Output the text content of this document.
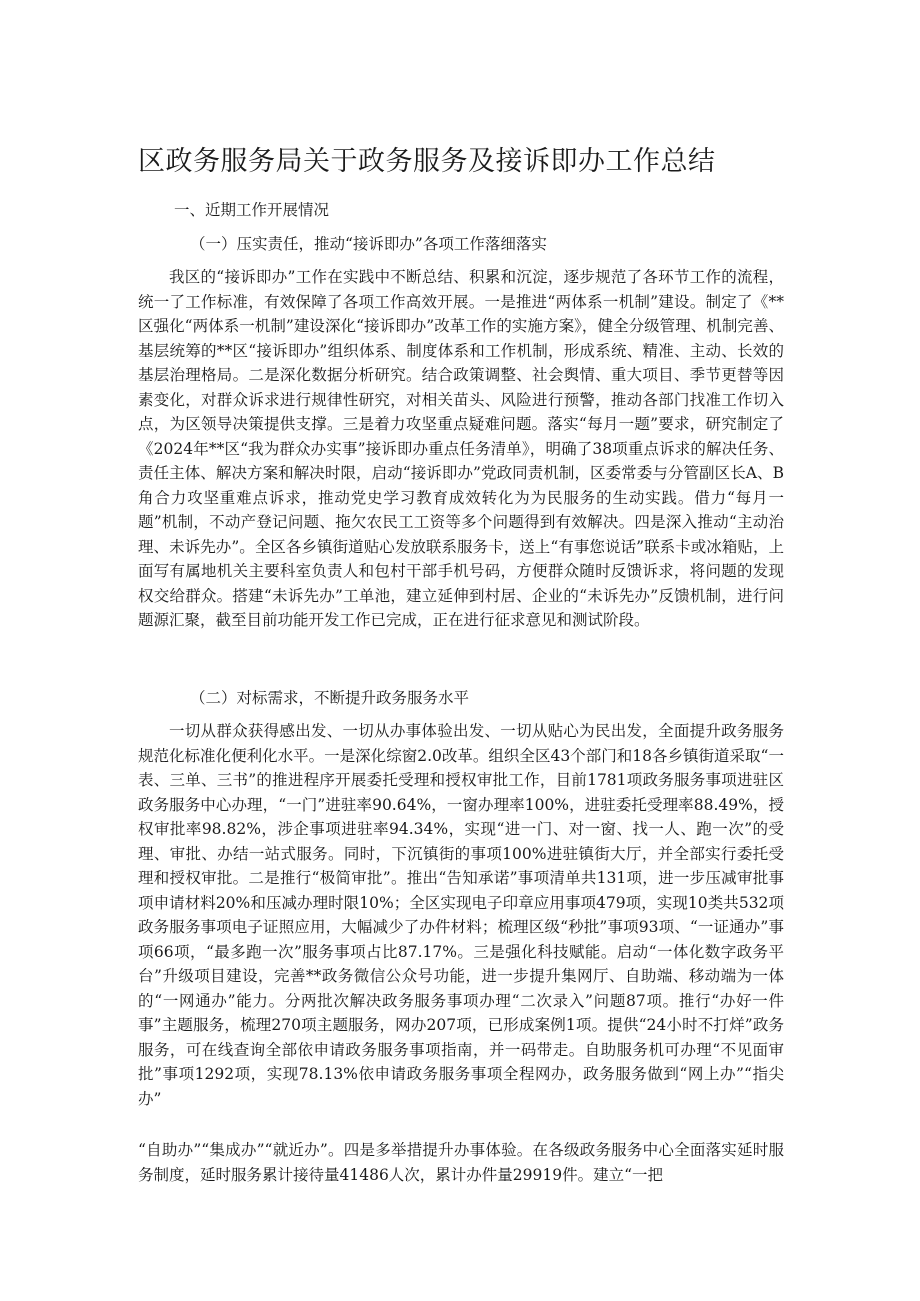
区政务服务局关于政务服务及接诉即办工作总结
一、近期工作开展情况
（一）压实责任，推动“接诉即办”各项工作落细落实

我区的“接诉即办”工作在实践中不断总结、积累和沉淀，逐步规范了各环节工作的流程，统一了工作标准，有效保障了各项工作高效开展。一是推进“两体系一机制”建设。制定了《**区强化“两体系一机制”建设深化“接诉即办”改革工作的实施方案》，健全分级管理、机制完善、基层统筹的**区“接诉即办”组织体系、制度体系和工作机制，形成系统、精准、主动、长效的基层治理格局。二是深化数据分析研究。结合政策调整、社会舆情、重大项目、季节更替等因素变化，对群众诉求进行规律性研究，对相关苗头、风险进行预警，推动各部门找准工作切入点，为区领导决策提供支撑。三是着力攻坚重点疑难问题。落实“每月一题”要求，研究制定了《2024年**区“我为群众办实事”接诉即办重点任务清单》，明确了38项重点诉求的解决任务、责任主体、解决方案和解决时限，启动“接诉即办”党政同责机制，区委常委与分管副区长A、B角合力攻坚重难点诉求，推动党史学习教育成效转化为为民服务的生动实践。借力“每月一题”机制，不动产登记问题、拖欠农民工工资等多个问题得到有效解决。四是深入推动“主动治理、未诉先办”。全区各乡镇街道贴心发放联系服务卡，送上“有事您说话”联系卡或冰箱贴，上面写有属地机关主要科室负责人和包村干部手机号码，方便群众随时反馈诉求，将问题的发现权交给群众。搭建“未诉先办”工单池，建立延伸到村居、企业的“未诉先办”反馈机制，进行问题源汇聚，截至目前功能开发工作已完成，正在进行征求意见和测试阶段。

（二）对标需求，不断提升政务服务水平

一切从群众获得感出发、一切从办事体验出发、一切从贴心为民出发，全面提升政务服务规范化标准化便利化水平。一是深化综窗2.0改革。组织全区43个部门和18各乡镇街道采取“一表、三单、三书”的推进程序开展委托受理和授权审批工作，目前1781项政务服务事项进驻区政务服务中心办理，“一门”进驻率90.64%，一窗办理率100%，进驻委托受理率88.49%，授权审批率98.82%，涉企事项进驻率94.34%，实现“进一门、对一窗、找一人、跑一次”的受理、审批、办结一站式服务。同时，下沉镇街的事项100%进驻镇街大厅，并全部实行委托受理和授权审批。二是推行“极简审批”。推出“告知承诺”事项清单共131项，进一步压减审批事项申请材料20%和压减办理时限10%；全区实现电子印章应用事项479项，实现10类共532项政务服务事项电子证照应用，大幅减少了办件材料；梳理区级“秒批”事项93项、“一证通办”事项66项，“最多跑一次”服务事项占比87.17%。三是强化科技赋能。启动“一体化数字政务平台”升级项目建设，完善**政务微信公众号功能，进一步提升集网厅、自助端、移动端为一体的“一网通办”能力。分两批次解决政务服务事项办理“二次录入”问题87项。推行“办好一件事”主题服务，梳理270项主题服务，网办207项，已形成案例1项。提供“24小时不打烊”政务服务，可在线查询全部依申请政务服务事项指南，并一码带走。自助服务机可办理“不见面审批”事项1292项，实现78.13%依申请政务服务事项全程网办，政务服务做到“网上办”“指尖办”

“自助办”“集成办”“就近办”。四是多举措提升办事体验。在各级政务服务中心全面落实延时服务制度，延时服务累计接待量41486人次，累计办件量29919件。建立“一把
